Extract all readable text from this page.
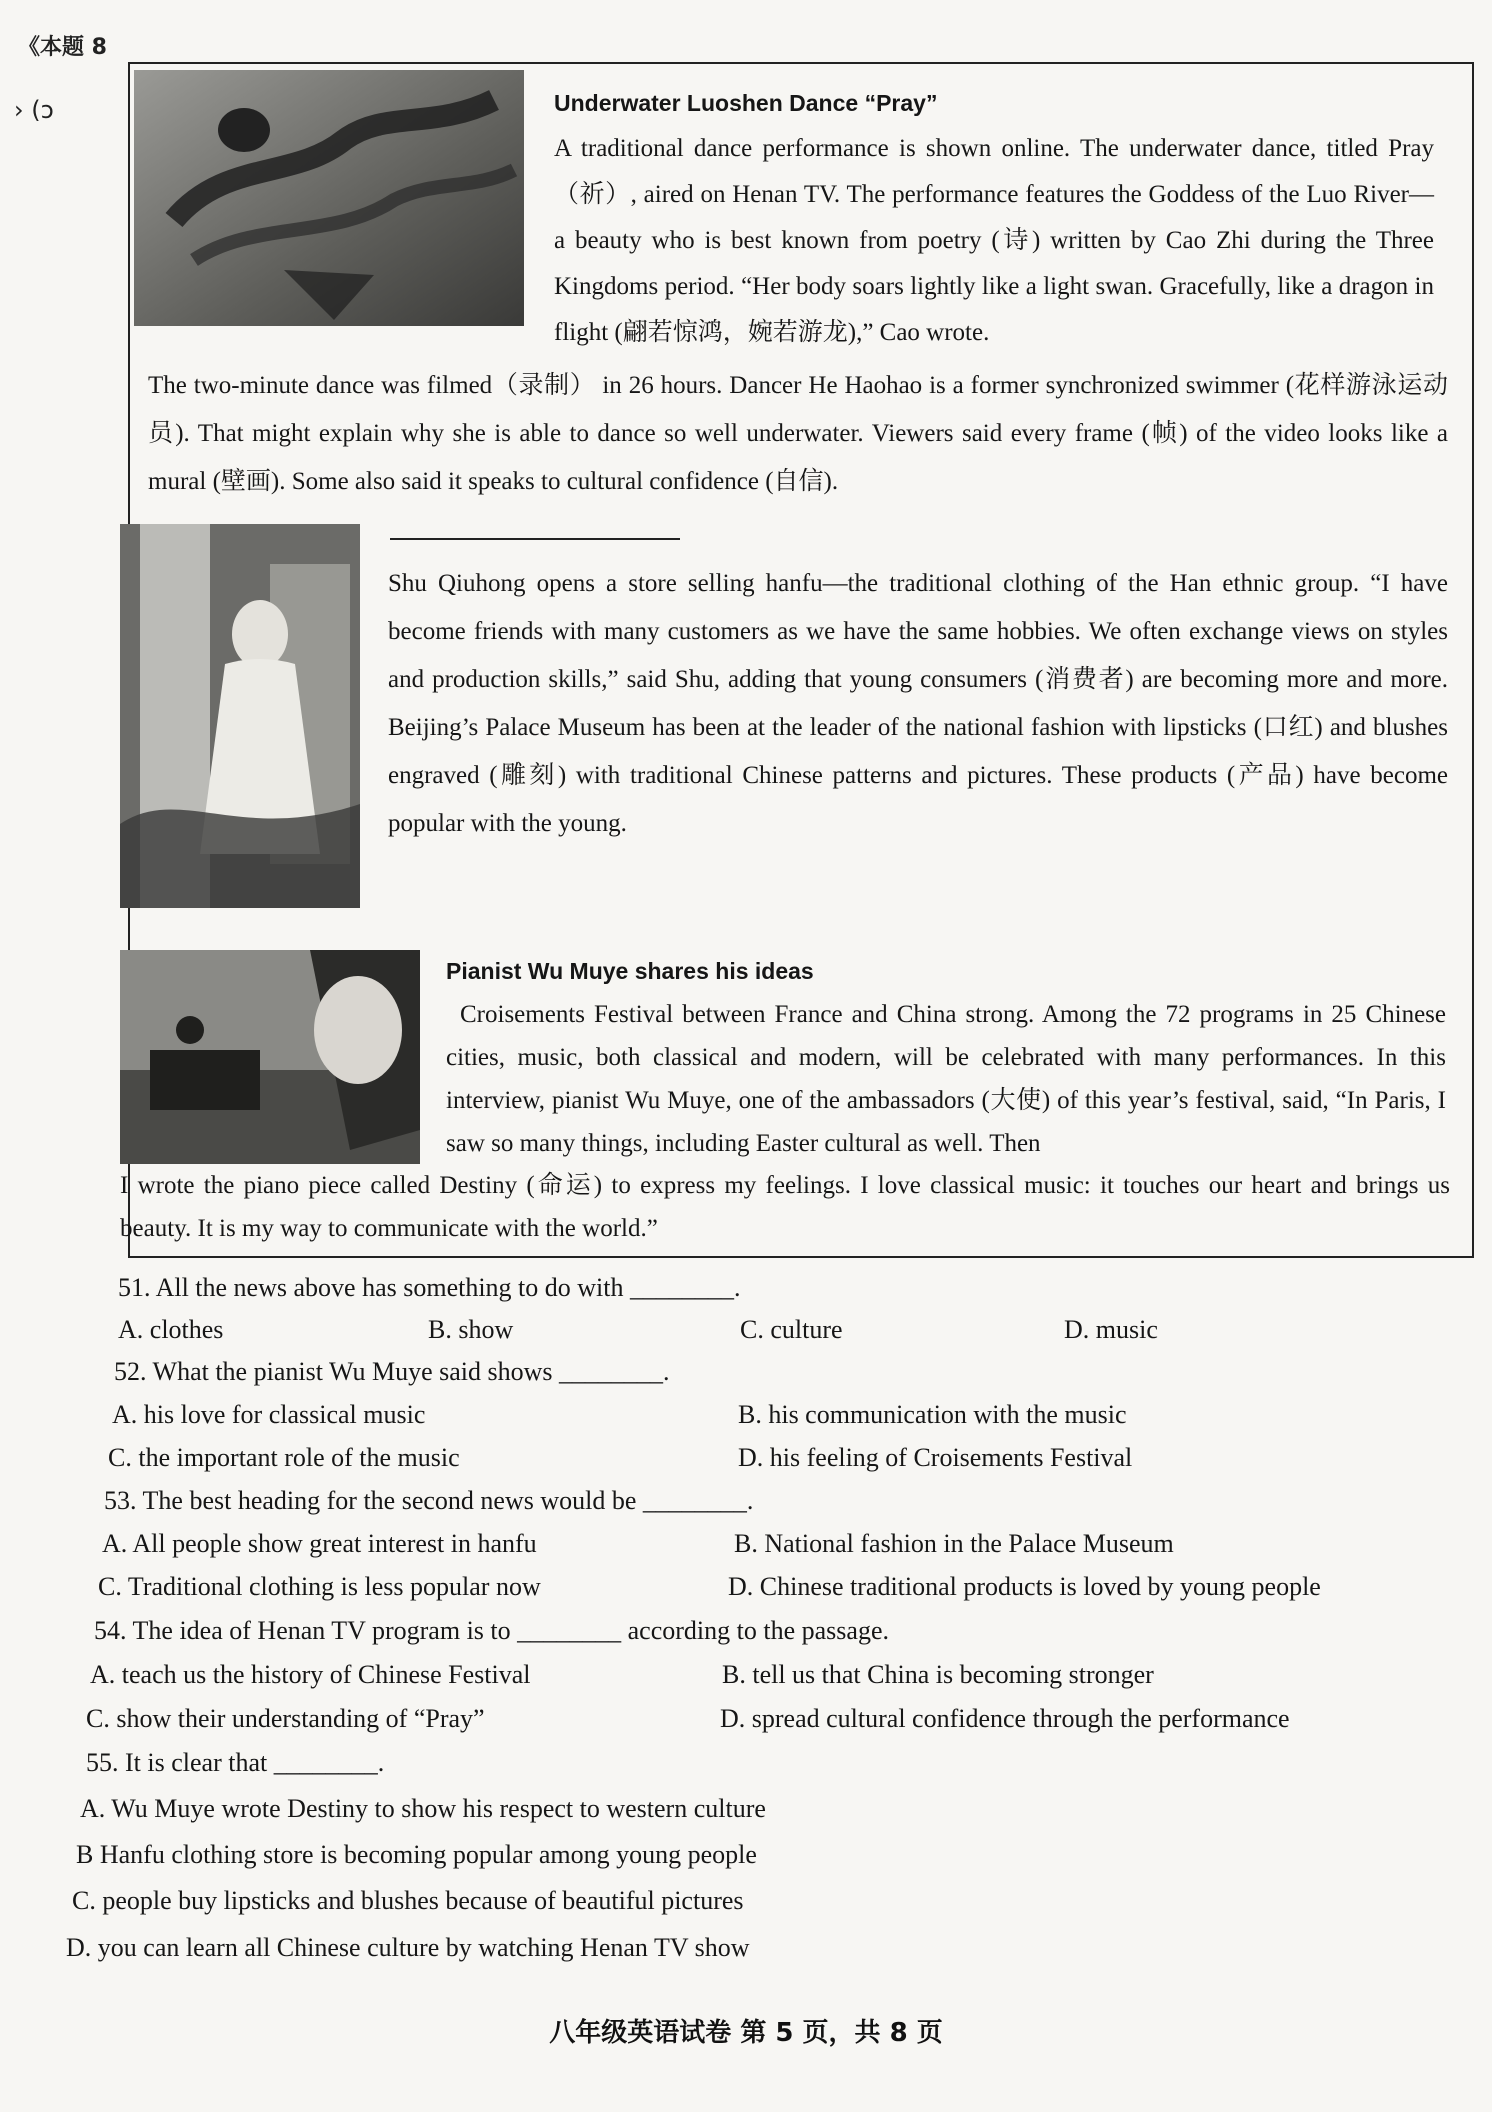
《本题 8
› (ɔ	Underwater Luoshen Dance “Pray”

A traditional dance performance is shown online. The underwater dance, titled Pray （祈）, aired on Henan TV. The performance features the Goddess of the Luo River—a beauty who is best known from poetry (诗) written by Cao Zhi during the Three Kingdoms period. “Her body soars lightly like a light swan. Gracefully, like a dragon in flight (翩若惊鸿，婉若游龙),” Cao wrote.

The two-minute dance was filmed（录制） in 26 hours. Dancer He Haohao is a former synchronized swimmer (花样游泳运动员). That might explain why she is able to dance so well underwater. Viewers said every frame (帧) of the video looks like a mural (壁画). Some also said it speaks to cultural confidence (自信).

Shu Qiuhong opens a store selling hanfu—the traditional clothing of the Han ethnic group. “I have become friends with many customers as we have the same hobbies. We often exchange views on styles and production skills,” said Shu, adding that young consumers (消费者) are becoming more and more. Beijing’s Palace Museum has been at the leader of the national fashion with lipsticks (口红) and blushes engraved (雕刻) with traditional Chinese patterns and pictures. These products (产品) have become popular with the young.

Pianist Wu Muye shares his ideas

Croisements Festival between France and China strong. Among the 72 programs in 25 Chinese cities, music, both classical and modern, will be celebrated with many performances. In this interview, pianist Wu Muye, one of the ambassadors (大使) of this year’s festival, said, “In Paris, I saw so many things, including Easter cultural as well. Then

I wrote the piano piece called Destiny (命运) to express my feelings. I love classical music: it touches our heart and brings us beauty. It is my way to communicate with the world.”

51. All the news above has something to do with ________.
A. clothes	B. show	C. culture	D. music
52. What the pianist Wu Muye said shows ________.
A. his love for classical music	B. his communication with the music
C. the important role of the music	D. his feeling of Croisements Festival
53. The best heading for the second news would be ________.
A. All people show great interest in hanfu	B. National fashion in the Palace Museum
C. Traditional clothing is less popular now	D. Chinese traditional products is loved by young people
54. The idea of Henan TV program is to ________ according to the passage.
A. teach us the history of Chinese Festival	B. tell us that China is becoming stronger
C. show their understanding of “Pray”	D. spread cultural confidence through the performance
55. It is clear that ________.
A. Wu Muye wrote Destiny to show his respect to western culture
B Hanfu clothing store is becoming popular among young people
C. people buy lipsticks and blushes because of beautiful pictures
D. you can learn all Chinese culture by watching Henan TV show
八年级英语试卷 第 5 页，共 8 页
